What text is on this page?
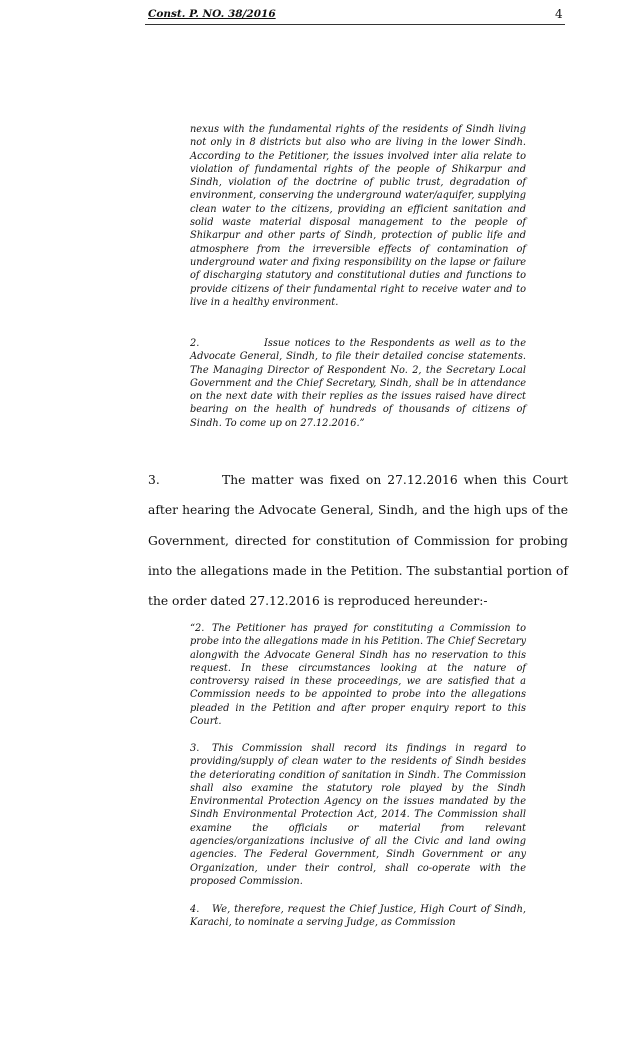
Const. P. NO. 38/2016	4

nexus with the fundamental rights of the residents of Sindh living not only in 8 districts but also who are living in the lower Sindh. According to the Petitioner, the issues involved inter alia relate to violation of fundamental rights of the people of Shikarpur and Sindh, violation of the doctrine of public trust, degradation of environment, conserving the underground water/aquifer, supplying clean water to the citizens, providing an efficient sanitation and solid waste material disposal management to the people of Shikarpur and other parts of Sindh, protection of public life and atmosphere from the irreversible effects of contamination of underground water and fixing responsibility on the lapse or failure of discharging statutory and constitutional duties and functions to provide citizens of their fundamental right to receive water and to live in a healthy environment.

2.	Issue notices to the Respondents as well as to the Advocate General, Sindh, to file their detailed concise statements. The Managing Director of Respondent No. 2, the Secretary Local Government and the Chief Secretary, Sindh, shall be in attendance on the next date with their replies as the issues raised have direct bearing on the health of hundreds of thousands of citizens of Sindh. To come up on 27.12.2016.”

3.	The matter was fixed on 27.12.2016 when this Court after hearing the Advocate General, Sindh, and the high ups of the Government, directed for constitution of Commission for probing into the allegations made in the Petition. The substantial portion of the order dated 27.12.2016 is reproduced hereunder:-

“2. The Petitioner has prayed for constituting a Commission to probe into the allegations made in his Petition. The Chief Secretary alongwith the Advocate General Sindh has no reservation to this request. In these circumstances looking at the nature of controversy raised in these proceedings, we are satisfied that a Commission needs to be appointed to probe into the allegations pleaded in the Petition and after proper enquiry report to this Court.

3. This Commission shall record its findings in regard to providing/supply of clean water to the residents of Sindh besides the deteriorating condition of sanitation in Sindh. The Commission shall also examine the statutory role played by the Sindh Environmental Protection Agency on the issues mandated by the Sindh Environmental Protection Act, 2014. The Commission shall examine the officials or material from relevant agencies/organizations inclusive of all the Civic and land owing agencies. The Federal Government, Sindh Government or any Organization, under their control, shall co-operate with the proposed Commission.

4. We, therefore, request the Chief Justice, High Court of Sindh, Karachi, to nominate a serving Judge, as Commission
